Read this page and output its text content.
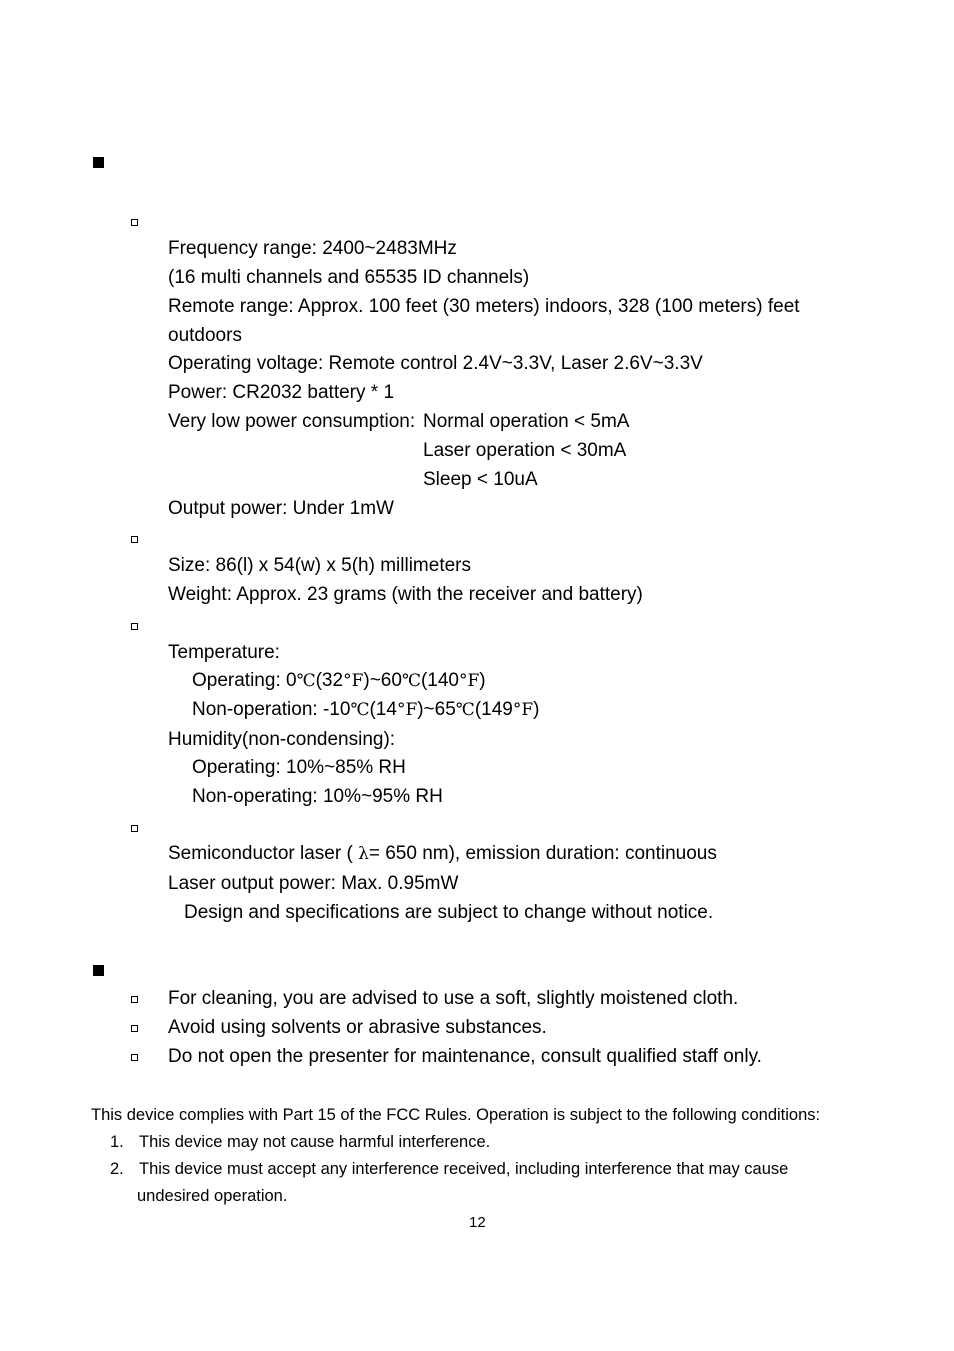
Frequency range: 2400~2483MHz
(16 multi channels and 65535 ID channels)
Remote range: Approx. 100 feet (30 meters) indoors, 328 (100 meters) feet
outdoors
Operating voltage: Remote control 2.4V~3.3V, Laser 2.6V~3.3V
Power: CR2032 battery * 1
Very low power consumption: Normal operation < 5mA
Laser operation < 30mA
Sleep < 10uA
Output power: Under 1mW
Size: 86(l) x 54(w) x 5(h) millimeters
Weight: Approx. 23 grams (with the receiver and battery)
Temperature:
Operating: 0℃(32°F)~60℃(140°F)
Non-operation: -10℃(14°F)~65℃(149°F)
Humidity(non-condensing):
Operating: 10%~85% RH
Non-operating: 10%~95% RH
Semiconductor laser ( λ= 650 nm), emission duration: continuous
Laser output power: Max. 0.95mW
Design and specifications are subject to change without notice.
For cleaning, you are advised to use a soft, slightly moistened cloth.
Avoid using solvents or abrasive substances.
Do not open the presenter for maintenance, consult qualified staff only.
This device complies with Part 15 of the FCC Rules. Operation is subject to the following conditions:
1. This device may not cause harmful interference.
2. This device must accept any interference received, including interference that may cause
undesired operation.
12
